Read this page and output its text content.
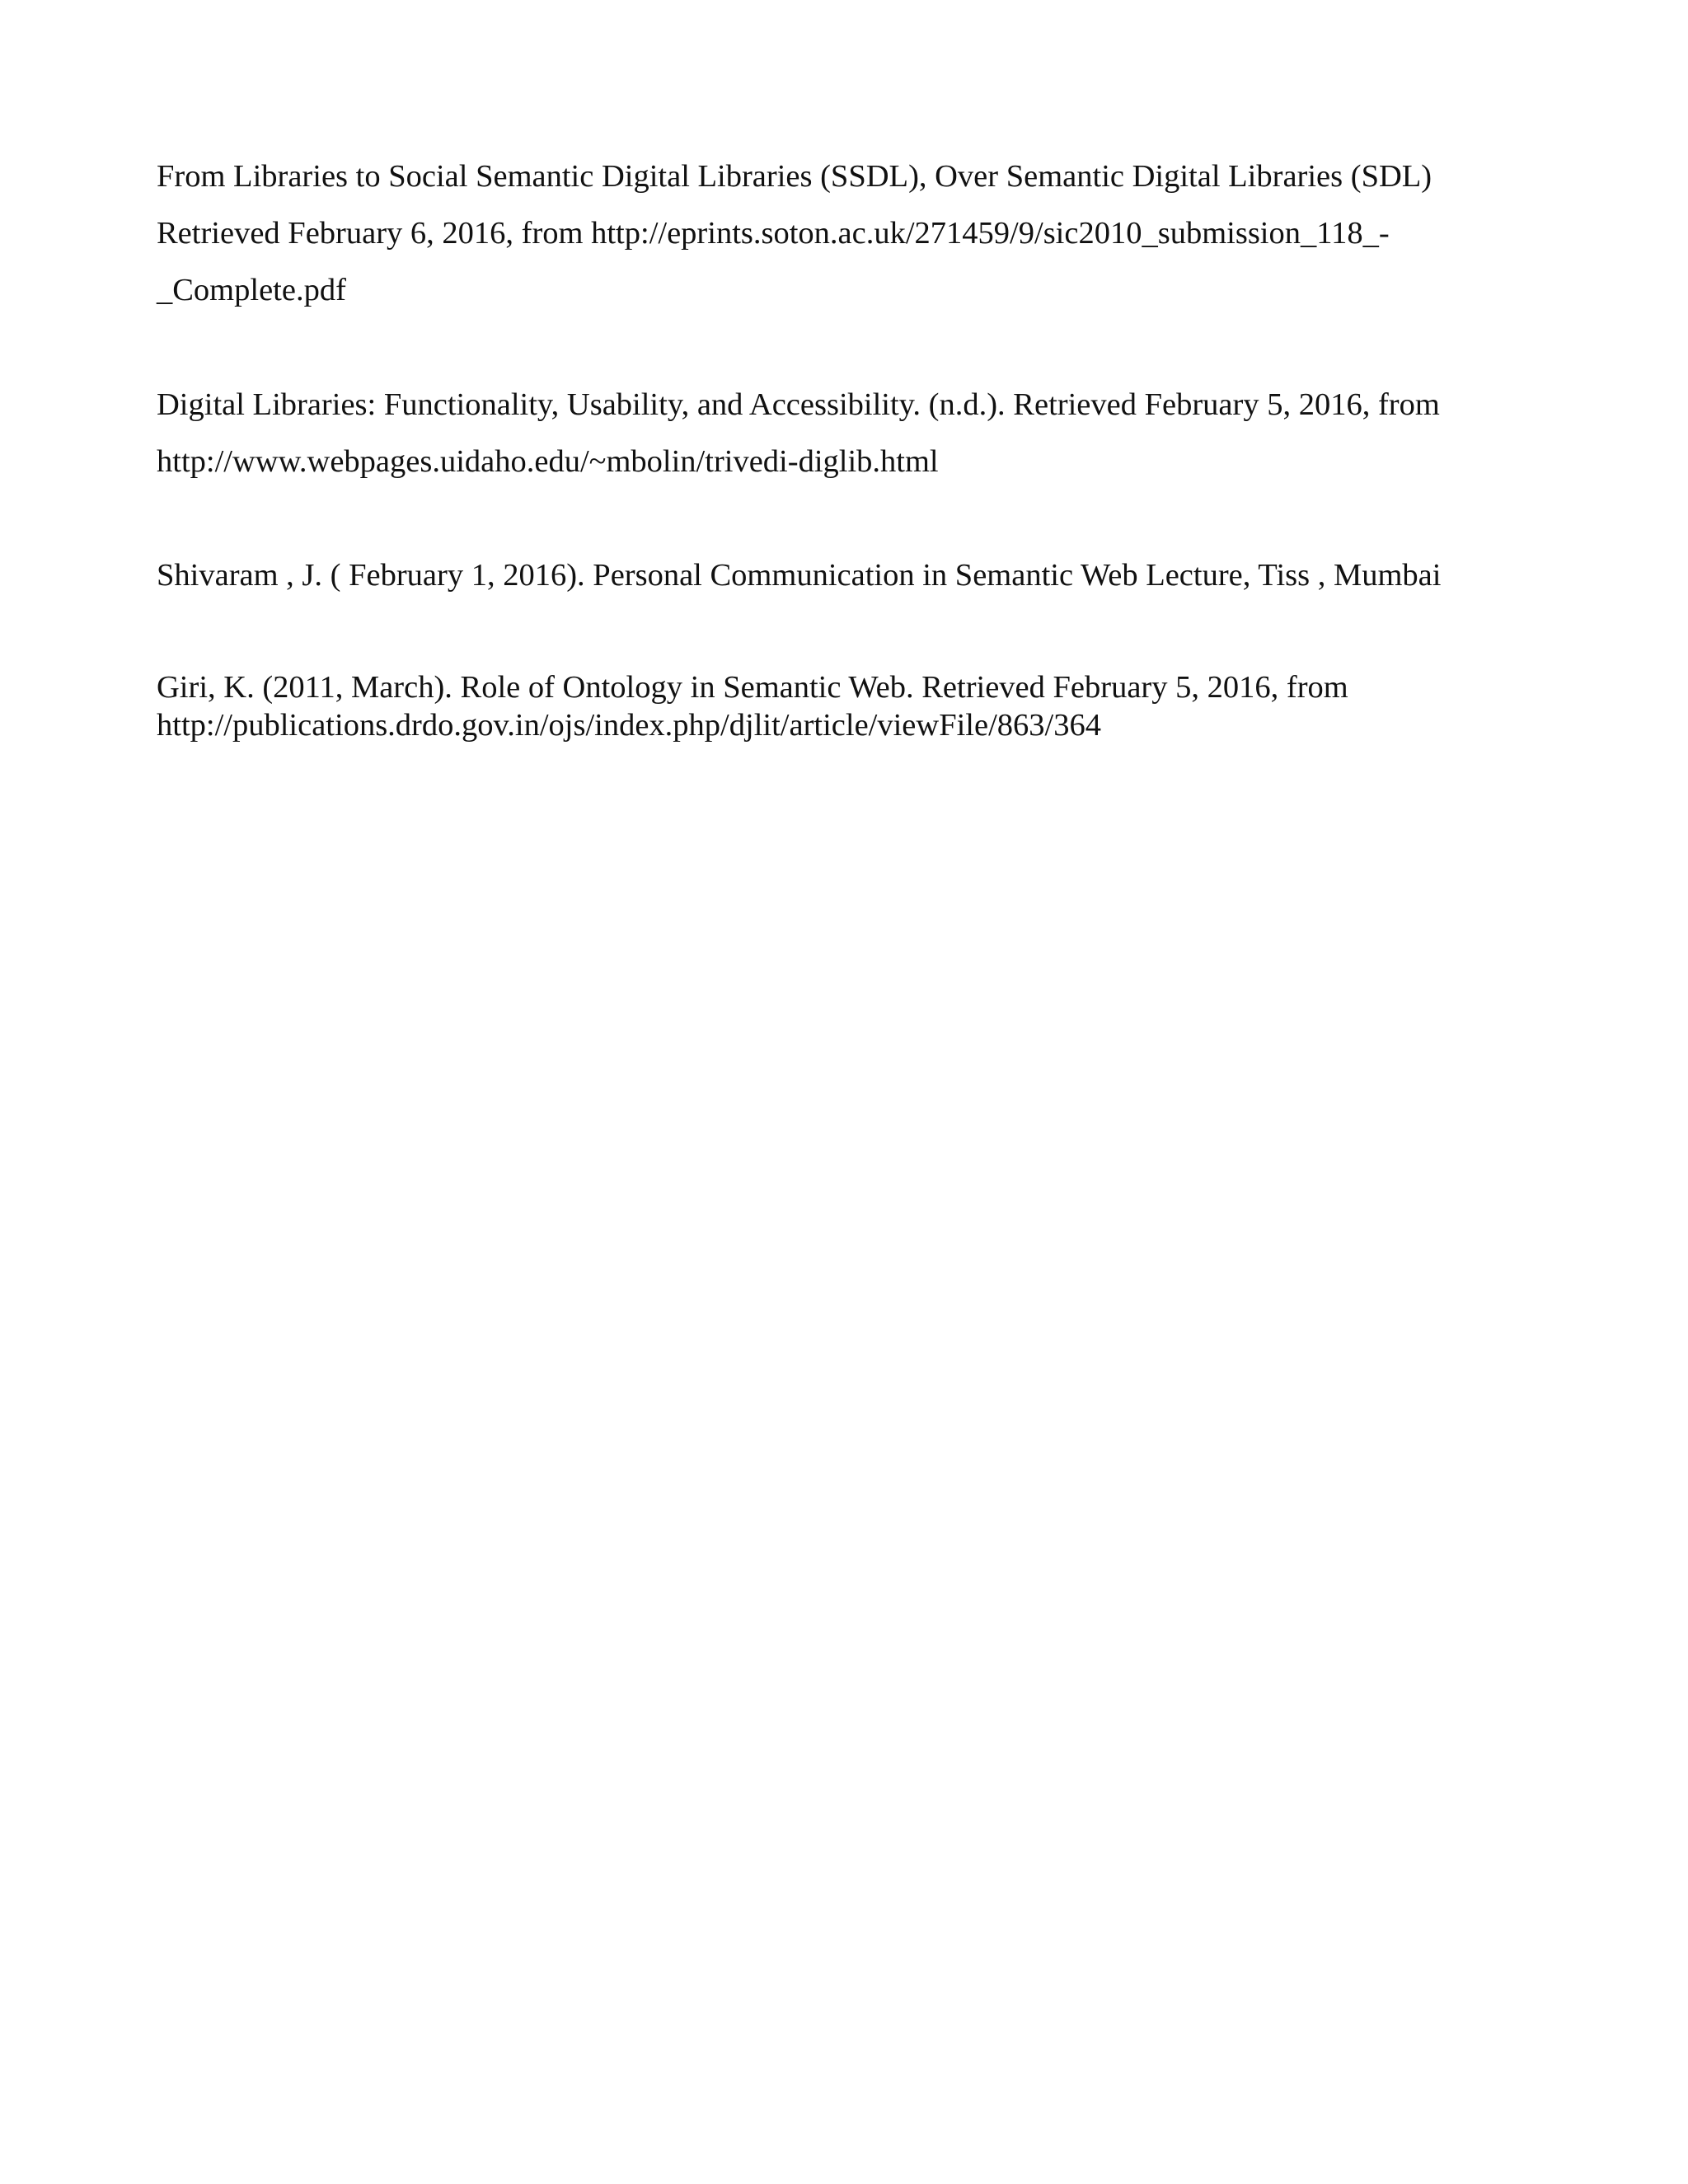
From Libraries to Social Semantic Digital Libraries (SSDL), Over Semantic Digital Libraries (SDL)
Retrieved February 6, 2016, from http://eprints.soton.ac.uk/271459/9/sic2010_submission_118_-
_Complete.pdf

Digital Libraries: Functionality, Usability, and Accessibility. (n.d.). Retrieved February 5, 2016, from
http://www.webpages.uidaho.edu/~mbolin/trivedi-diglib.html

Shivaram , J. ( February 1, 2016). Personal Communication in Semantic Web Lecture, Tiss , Mumbai

Giri, K. (2011, March). Role of Ontology in Semantic Web. Retrieved February 5, 2016, from
http://publications.drdo.gov.in/ojs/index.php/djlit/article/viewFile/863/364
